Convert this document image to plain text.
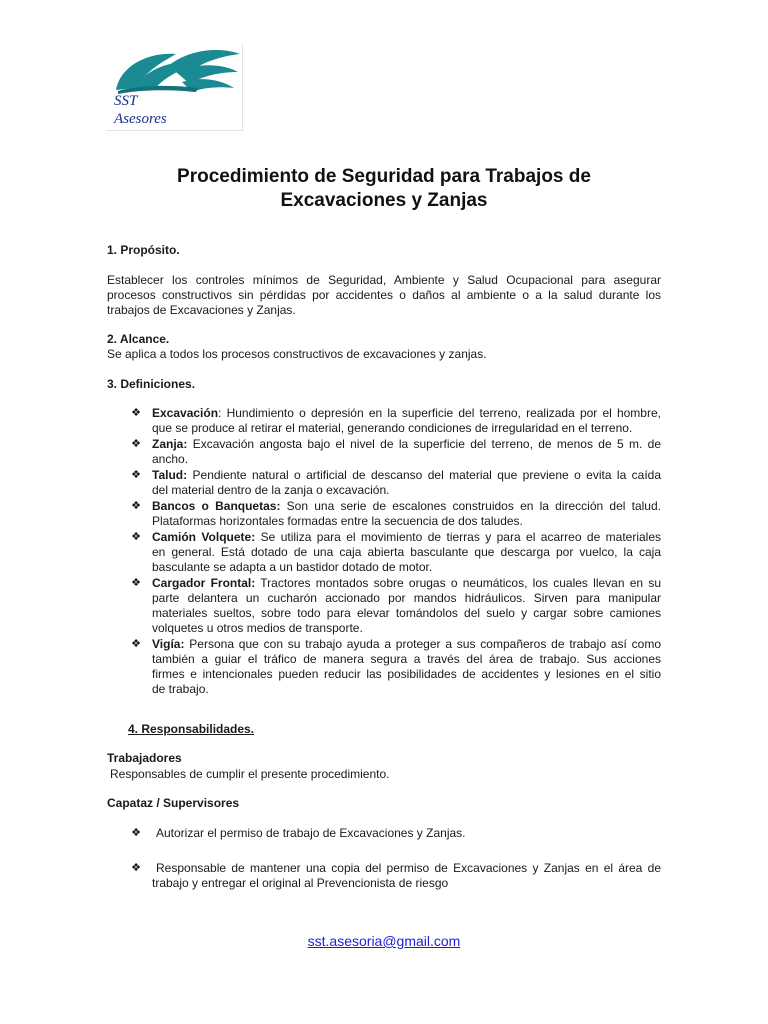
SST
Asesores
Procedimiento de Seguridad para Trabajos de
Excavaciones y Zanjas
1. Propósito.
Establecer los controles mínimos de Seguridad, Ambiente y Salud Ocupacional para asegurar
procesos constructivos sin pérdidas por accidentes o daños al ambiente o a la salud durante los
trabajos de Excavaciones y Zanjas.
2. Alcance.
Se aplica a todos los procesos constructivos de excavaciones y zanjas.
3. Definiciones.
❖ Excavación: Hundimiento o depresión en la superficie del terreno, realizada por el hombre,
que se produce al retirar el material, generando condiciones de irregularidad en el terreno.
❖ Zanja: Excavación angosta bajo el nivel de la superficie del terreno, de menos de 5 m. de
ancho.
❖ Talud: Pendiente natural o artificial de descanso del material que previene o evita la caída
del material dentro de la zanja o excavación.
❖ Bancos o Banquetas: Son una serie de escalones construidos en la dirección del talud.
Plataformas horizontales formadas entre la secuencia de dos taludes.
❖ Camión Volquete: Se utiliza para el movimiento de tierras y para el acarreo de materiales
en general. Está dotado de una caja abierta basculante que descarga por vuelco, la caja
basculante se adapta a un bastidor dotado de motor.
❖ Cargador Frontal: Tractores montados sobre orugas o neumáticos, los cuales llevan en su
parte delantera un cucharón accionado por mandos hidráulicos. Sirven para manipular
materiales sueltos, sobre todo para elevar tomándolos del suelo y cargar sobre camiones
volquetes u otros medios de transporte.
❖ Vigía: Persona que con su trabajo ayuda a proteger a sus compañeros de trabajo así como
también a guiar el tráfico de manera segura a través del área de trabajo. Sus acciones
firmes e intencionales pueden reducir las posibilidades de accidentes y lesiones en el sitio
de trabajo.
4. Responsabilidades.
Trabajadores
Responsables de cumplir el presente procedimiento.
Capataz / Supervisores
❖	Autorizar el permiso de trabajo de Excavaciones y Zanjas.
❖	Responsable de mantener una copia del permiso de Excavaciones y Zanjas en el área de
trabajo y entregar el original al Prevencionista de riesgo
sst.asesoria@gmail.com
